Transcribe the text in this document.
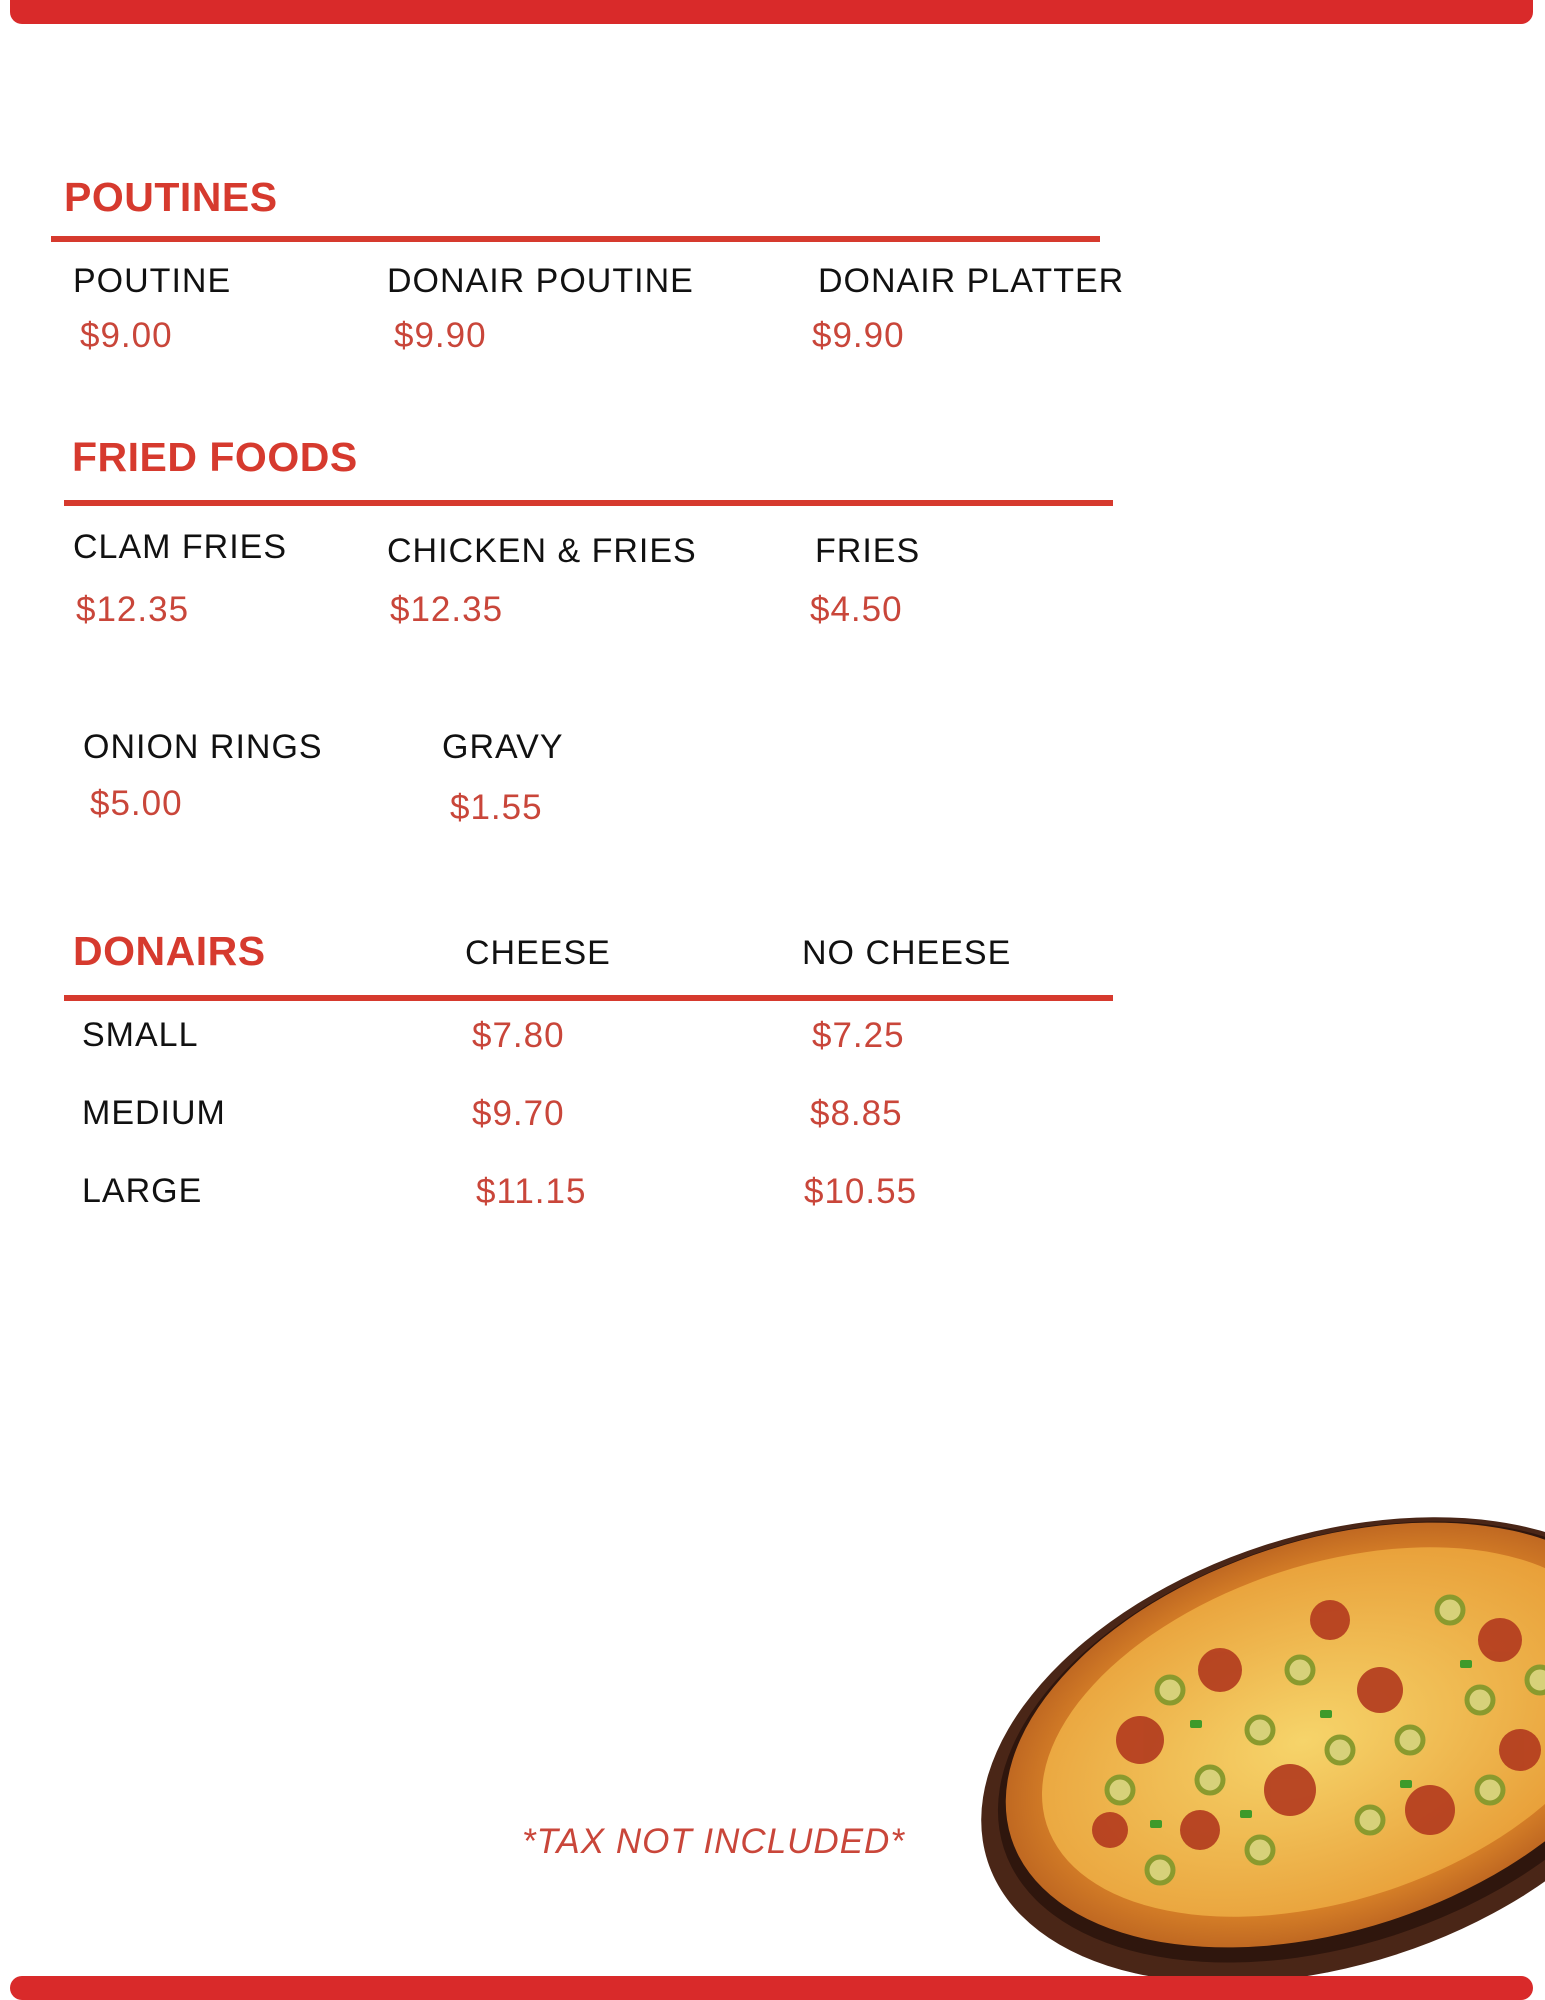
POUTINES
POUTINE
$9.00
DONAIR POUTINE
$9.90
DONAIR PLATTER
$9.90
FRIED FOODS
CLAM FRIES
$12.35
CHICKEN & FRIES
$12.35
FRIES
$4.50
ONION RINGS
$5.00
GRAVY
$1.55
DONAIRS	CHEESE	NO CHEESE
SMALL	$7.80	$7.25
MEDIUM	$9.70	$8.85
LARGE	$11.15	$10.55
*TAX NOT INCLUDED*
